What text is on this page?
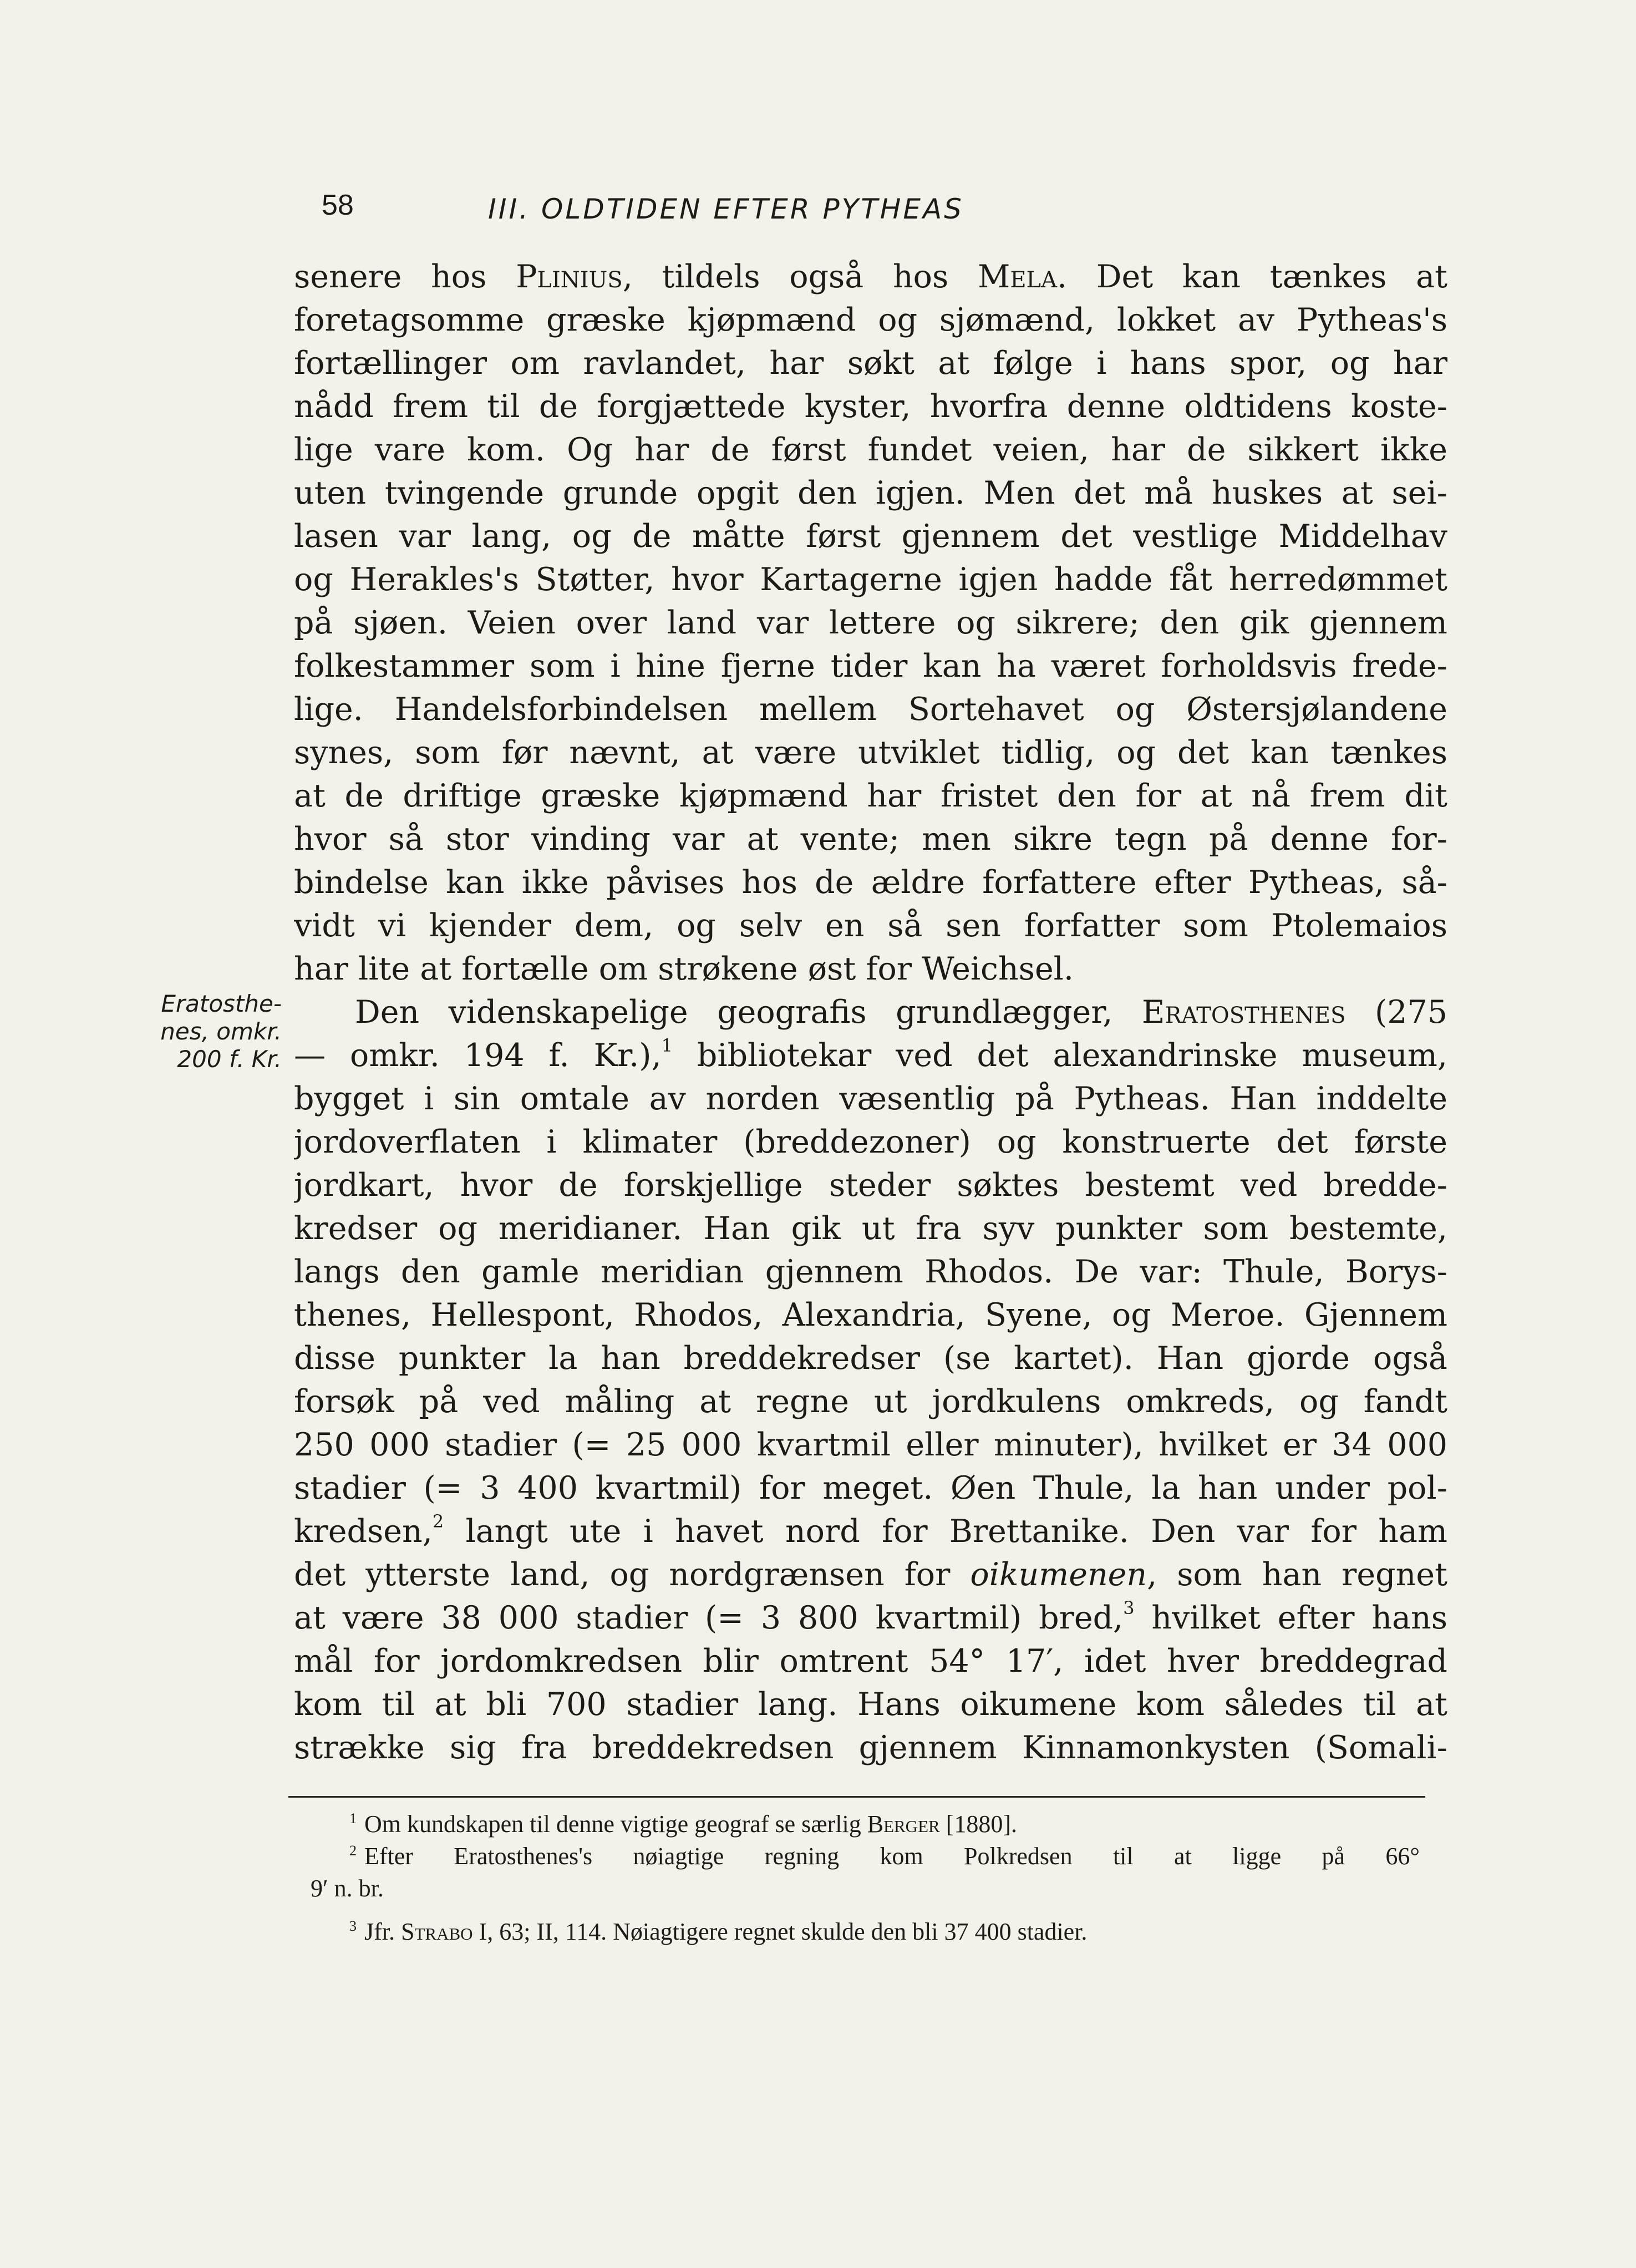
58	III. OLDTIDEN EFTER PYTHEAS
Eratosthe-
nes, omkr.
200 f. Kr.
senere hos Plinius, tildels også hos Mela. Det kan tænkes at
foretagsomme græske kjøpmænd og sjømænd, lokket av Pytheas's
fortællinger om ravlandet, har søkt at følge i hans spor, og har
nådd frem til de forgjættede kyster, hvorfra denne oldtidens koste-
lige vare kom. Og har de først fundet veien, har de sikkert ikke
uten tvingende grunde opgit den igjen. Men det må huskes at sei-
lasen var lang, og de måtte først gjennem det vestlige Middelhav
og Herakles's Støtter, hvor Kartagerne igjen hadde fåt herredømmet
på sjøen. Veien over land var lettere og sikrere; den gik gjennem
folkestammer som i hine fjerne tider kan ha været forholdsvis frede-
lige. Handelsforbindelsen mellem Sortehavet og Østersjølandene
synes, som før nævnt, at være utviklet tidlig, og det kan tænkes
at de driftige græske kjøpmænd har fristet den for at nå frem dit
hvor så stor vinding var at vente; men sikre tegn på denne for-
bindelse kan ikke påvises hos de ældre forfattere efter Pytheas, så-
vidt vi kjender dem, og selv en så sen forfatter som Ptolemaios
har lite at fortælle om strøkene øst for Weichsel.
Den videnskapelige geografis grundlægger, Eratosthenes (275
— omkr. 194 f. Kr.),$^1$ bibliotekar ved det alexandrinske museum,
bygget i sin omtale av norden væsentlig på Pytheas. Han inddelte
jordoverflaten i klimater (breddezoner) og konstruerte det første
jordkart, hvor de forskjellige steder søktes bestemt ved bredde-
kredser og meridianer. Han gik ut fra syv punkter som bestemte,
langs den gamle meridian gjennem Rhodos. De var: Thule, Borys-
thenes, Hellespont, Rhodos, Alexandria, Syene, og Meroe. Gjennem
disse punkter la han breddekredser (se kartet). Han gjorde også
forsøk på ved måling at regne ut jordkulens omkreds, og fandt
250 000 stadier (= 25 000 kvartmil eller minuter), hvilket er 34 000
stadier (= 3 400 kvartmil) for meget. Øen Thule, la han under pol-
kredsen,$^2$ langt ute i havet nord for Brettanike. Den var for ham
det ytterste land, og nordgrænsen for oikumenen, som han regnet
at være 38 000 stadier (= 3 800 kvartmil) bred,$^3$ hvilket efter hans
mål for jordomkredsen blir omtrent 54° 17′, idet hver breddegrad
kom til at bli 700 stadier lang. Hans oikumene kom således til at
strække sig fra breddekredsen gjennem Kinnamonkysten (Somali-
$^1$ Om kundskapen til denne vigtige geograf se særlig Berger [1880].
$^2$ Efter Eratosthenes's nøiagtige regning kom Polkredsen til at ligge på 66°
9′ n. br.
$^3$ Jfr. Strabo I, 63; II, 114. Nøiagtigere regnet skulde den bli 37 400 stadier.
